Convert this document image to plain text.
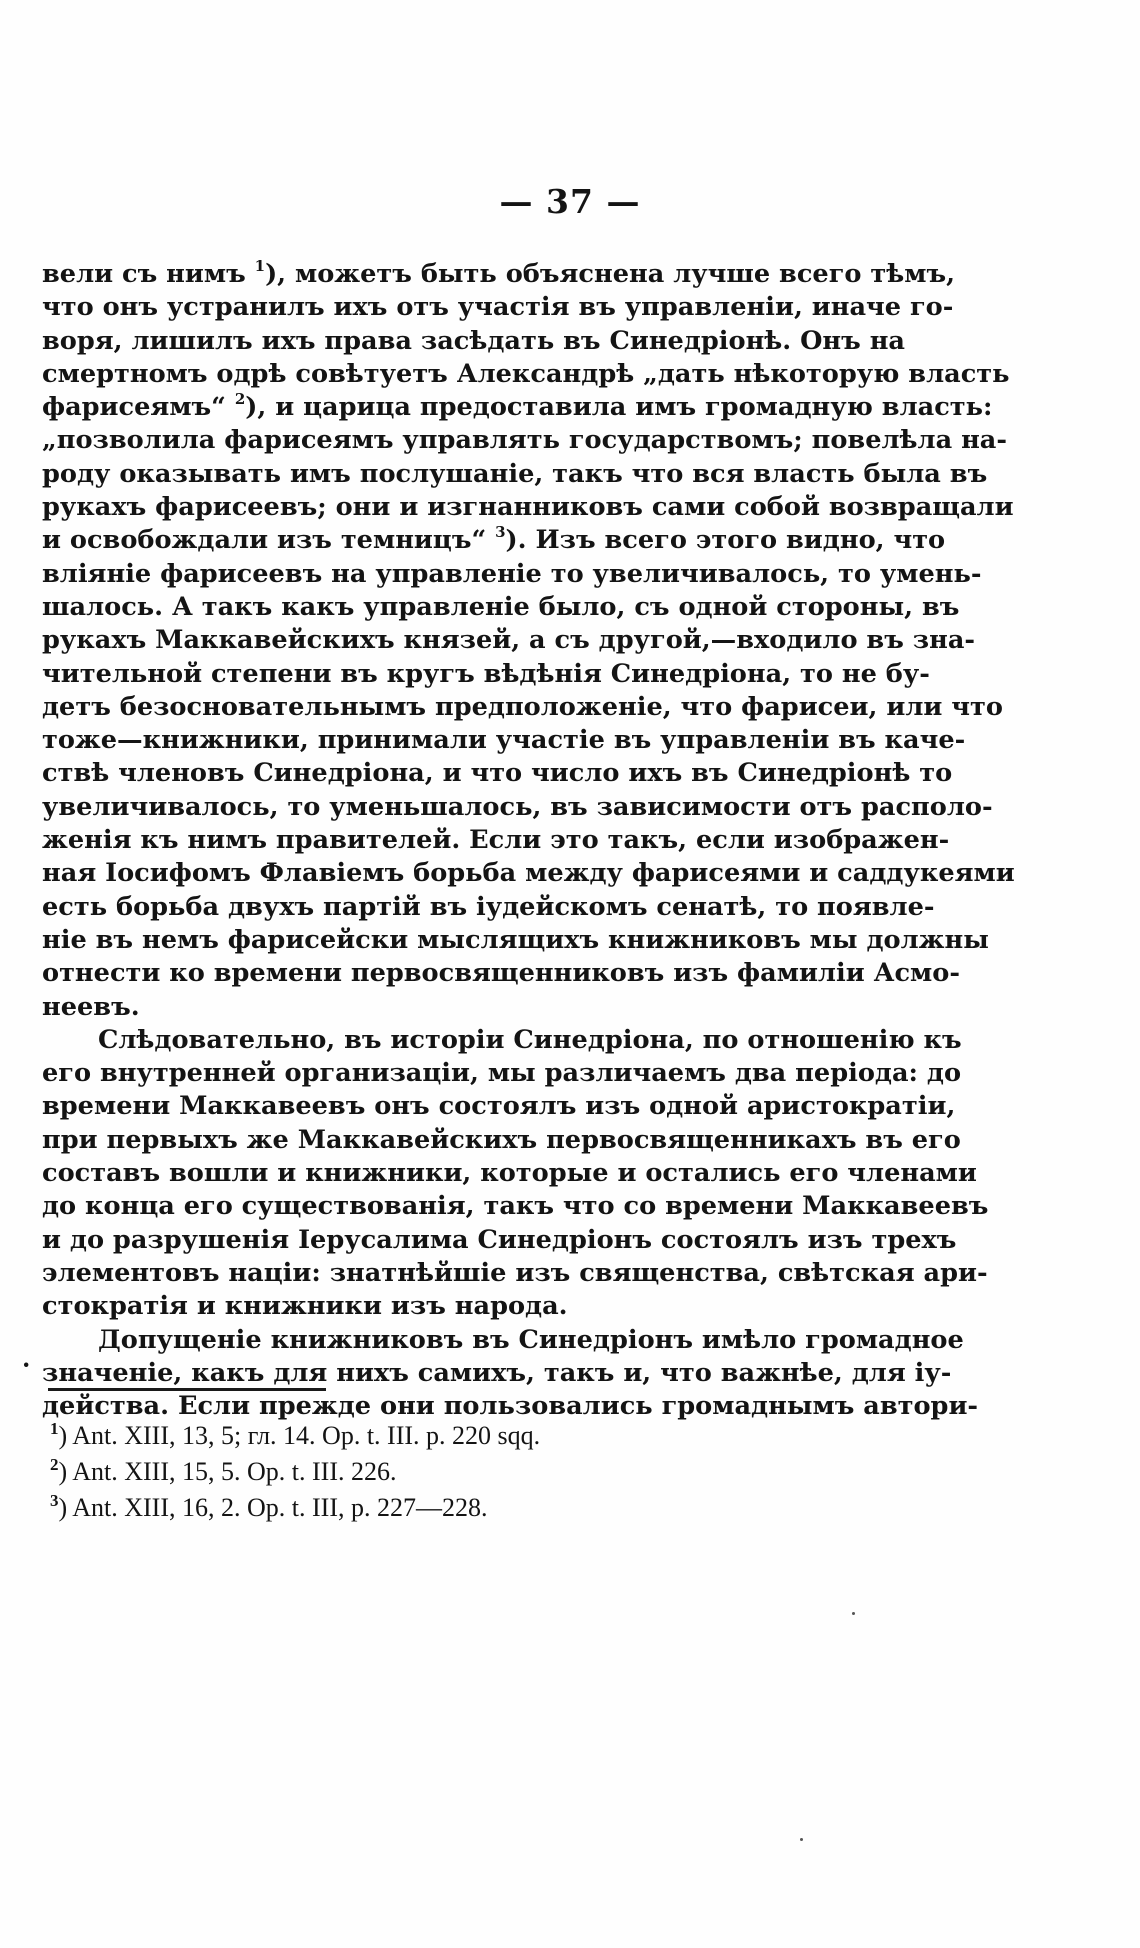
— 37 —
вели съ нимъ $^1$), можетъ быть объяснена лучше всего тѣмъ,
что онъ устранилъ ихъ отъ участія въ управленіи, иначе го-
воря, лишилъ ихъ права засѣдать въ Синедріонѣ. Онъ на
смертномъ одрѣ совѣтуетъ Александрѣ „дать нѣкоторую власть
фарисеямъ“ $^2$), и царица предоставила имъ громадную власть:
„позволила фарисеямъ управлять государствомъ; повелѣла на-
роду оказывать имъ послушаніе, такъ что вся власть была въ
рукахъ фарисеевъ; они и изгнанниковъ сами собой возвращали
и освобождали изъ темницъ“ $^3$). Изъ всего этого видно, что
вліяніе фарисеевъ на управленіе то увеличивалось, то умень-
шалось. А такъ какъ управленіе было, съ одной стороны, въ
рукахъ Маккавейскихъ князей, а съ другой,—входило въ зна-
чительной степени въ кругъ вѣдѣнія Синедріона, то не бу-
детъ безосновательнымъ предположеніе, что фарисеи, или что
тоже—книжники, принимали участіе въ управленіи въ каче-
ствѣ членовъ Синедріона, и что число ихъ въ Синедріонѣ то
увеличивалось, то уменьшалось, въ зависимости отъ располо-
женія къ нимъ правителей. Если это такъ, если изображен-
ная Іосифомъ Флавіемъ борьба между фарисеями и саддукеями
есть борьба двухъ партій въ іудейскомъ сенатѣ, то появле-
ніе въ немъ фарисейски мыслящихъ книжниковъ мы должны
отнести ко времени первосвященниковъ изъ фамиліи Асмо-
неевъ.
Слѣдовательно, въ исторіи Синедріона, по отношенію къ
его внутренней организаціи, мы различаемъ два періода: до
времени Маккавеевъ онъ состоялъ изъ одной аристократіи,
при первыхъ же Маккавейскихъ первосвященникахъ въ его
составъ вошли и книжники, которые и остались его членами
до конца его существованія, такъ что со времени Маккавеевъ
и до разрушенія Іерусалима Синедріонъ состоялъ изъ трехъ
элементовъ націи: знатнѣйшіе изъ священства, свѣтская ари-
стократія и книжники изъ народа.
Допущеніе книжниковъ въ Синедріонъ имѣло громадное
значеніе, какъ для нихъ самихъ, такъ и, что важнѣе, для іу-
действа. Если прежде они пользовались громаднымъ автори-
·
$^1$) Ant. XIII, 13, 5; гл. 14. Op. t. III. p. 220 sqq.
$^2$) Ant. XIII, 15, 5. Op. t. III. 226.
$^3$) Ant. XIII, 16, 2. Op. t. III, p. 227—228.
